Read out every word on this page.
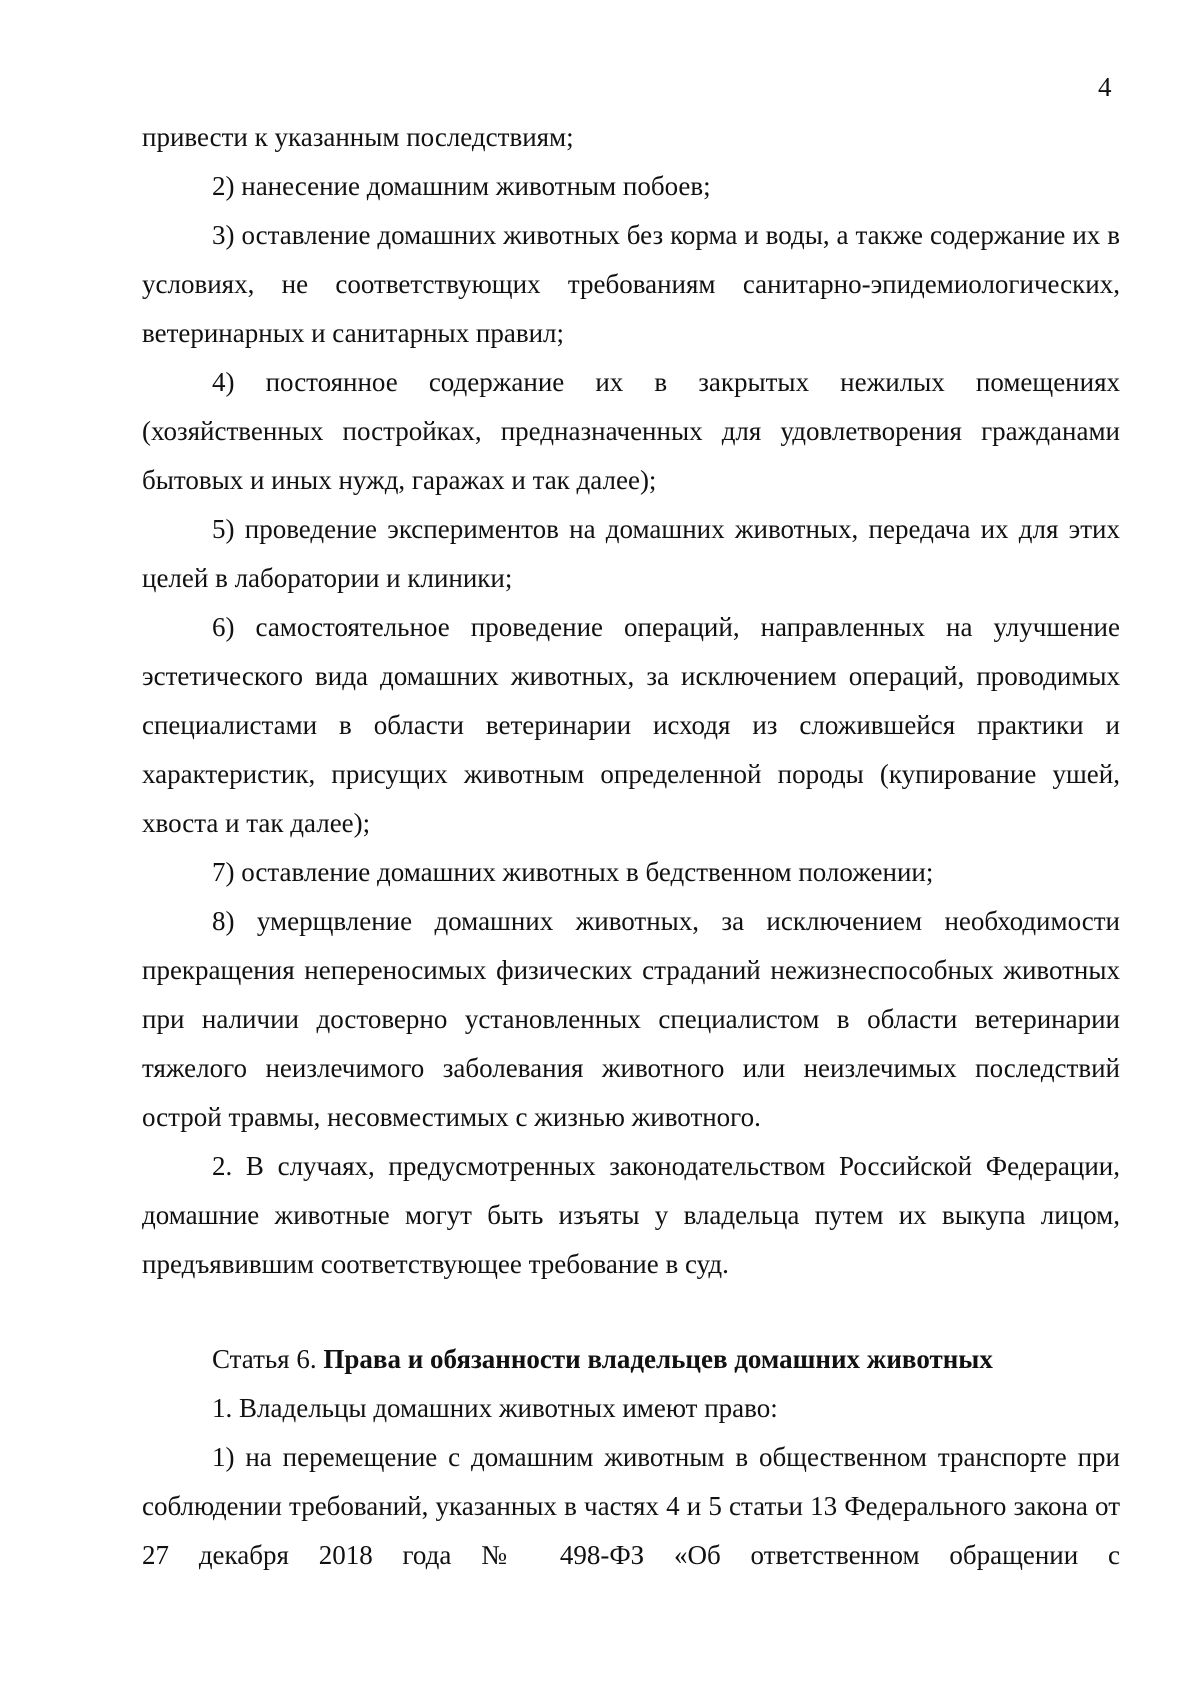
4

привести к указанным последствиям;

2) нанесение домашним животным побоев;

3) оставление домашних животных без корма и воды, а также содержание их в условиях, не соответствующих требованиям санитарно-эпидемиологических, ветеринарных и санитарных правил;

4) постоянное содержание их в закрытых нежилых помещениях (хозяйственных постройках, предназначенных для удовлетворения гражданами бытовых и иных нужд, гаражах и так далее);

5) проведение экспериментов на домашних животных, передача их для этих целей в лаборатории и клиники;

6) самостоятельное проведение операций, направленных на улучшение эстетического вида домашних животных, за исключением операций, проводимых специалистами в области ветеринарии исходя из сложившейся практики и характеристик, присущих животным определенной породы (купирование ушей, хвоста и так далее);

7) оставление домашних животных в бедственном положении;

8) умерщвление домашних животных, за исключением необходимости прекращения непереносимых физических страданий нежизнеспособных животных при наличии достоверно установленных специалистом в области ветеринарии тяжелого неизлечимого заболевания животного или неизлечимых последствий острой травмы, несовместимых с жизнью животного.

2. В случаях, предусмотренных законодательством Российской Федерации, домашние животные могут быть изъяты у владельца путем их выкупа лицом, предъявившим соответствующее требование в суд.

Статья 6. Права и обязанности владельцев домашних животных

1. Владельцы домашних животных имеют право:

1) на перемещение с домашним животным в общественном транспорте при соблюдении требований, указанных в частях 4 и 5 статьи 13 Федерального закона от 27 декабря 2018 года № 498-ФЗ «Об ответственном обращении с
